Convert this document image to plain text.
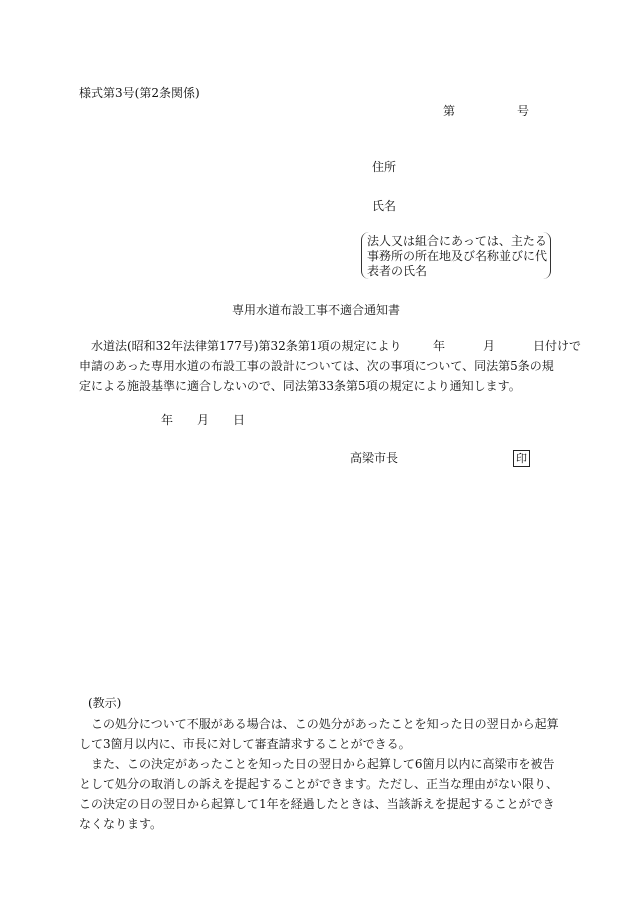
様式第3号(第2条関係)
第	号
住所
氏名
法人又は組合にあっては、主たる
事務所の所在地及び名称並びに代
表者の氏名
専用水道布設工事不適合通知書
水道法(昭和32年法律第177号)第32条第1項の規定により	年	月	日付けで
申請のあった専用水道の布設工事の設計については、次の事項について、同法第5条の規
定による施設基準に適合しないので、同法第33条第5項の規定により通知します。
年 月 日
高梁市長	印
(教示)
この処分について不服がある場合は、この処分があったことを知った日の翌日から起算
して3箇月以内に、市長に対して審査請求することができる。
また、この決定があったことを知った日の翌日から起算して6箇月以内に高梁市を被告
として処分の取消しの訴えを提起することができます。ただし、正当な理由がない限り、
この決定の日の翌日から起算して1年を経過したときは、当該訴えを提起することができ
なくなります。
